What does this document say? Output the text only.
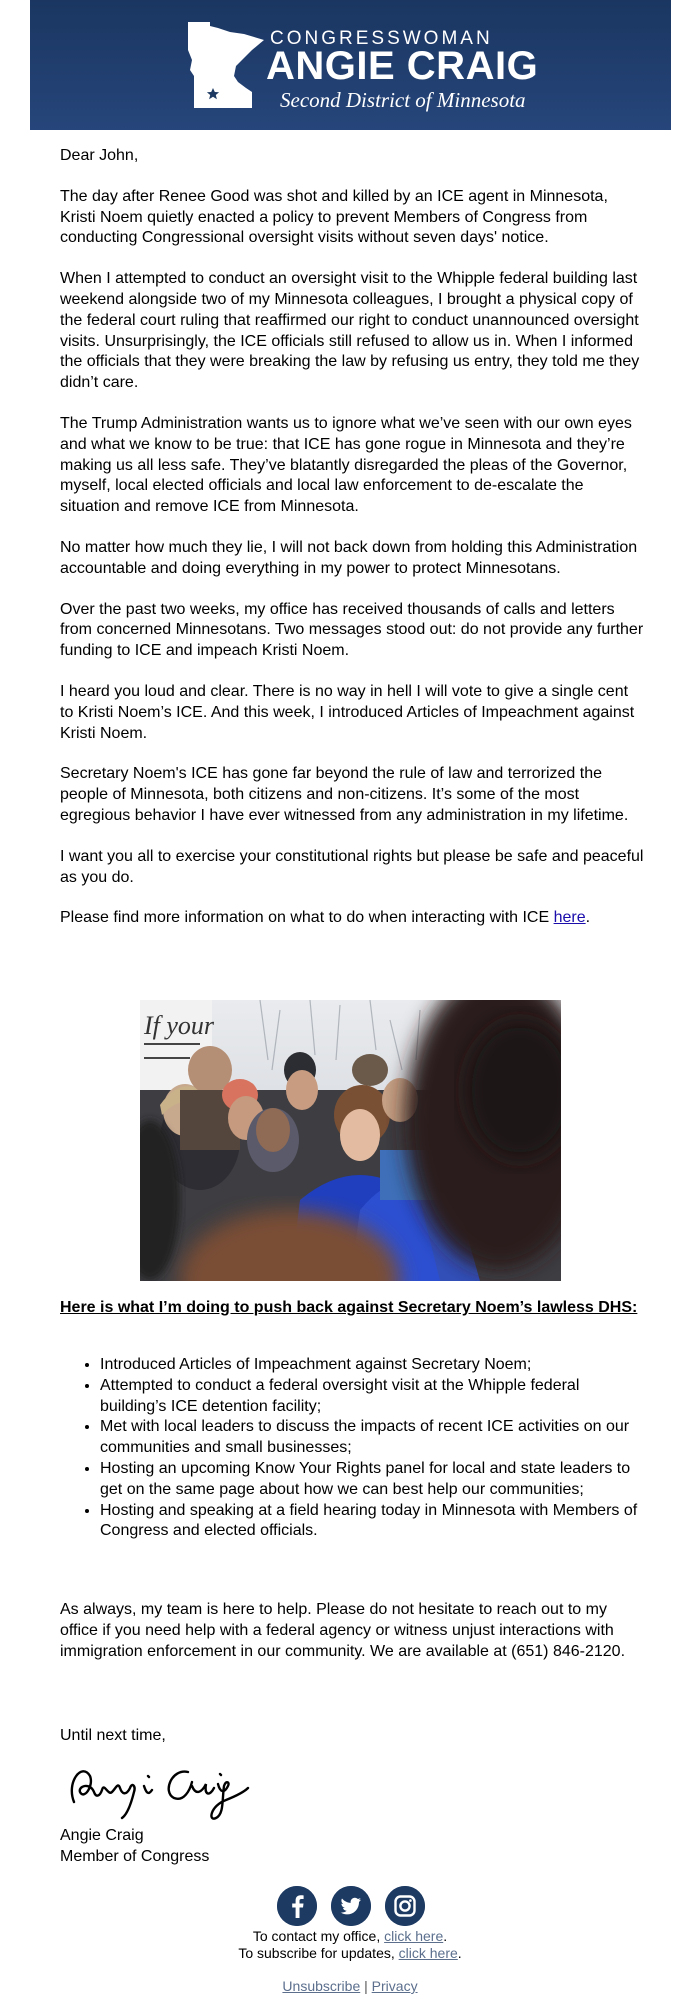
CONGRESSWOMAN
ANGIE CRAIG
Second District of Minnesota

Dear John,

The day after Renee Good was shot and killed by an ICE agent in Minnesota, Kristi Noem quietly enacted a policy to prevent Members of Congress from conducting Congressional oversight visits without seven days' notice.

When I attempted to conduct an oversight visit to the Whipple federal building last weekend alongside two of my Minnesota colleagues, I brought a physical copy of the federal court ruling that reaffirmed our right to conduct unannounced oversight visits. Unsurprisingly, the ICE officials still refused to allow us in. When I informed the officials that they were breaking the law by refusing us entry, they told me they didn’t care.

The Trump Administration wants us to ignore what we’ve seen with our own eyes and what we know to be true: that ICE has gone rogue in Minnesota and they’re making us all less safe. They’ve blatantly disregarded the pleas of the Governor, myself, local elected officials and local law enforcement to de-escalate the situation and remove ICE from Minnesota.

No matter how much they lie, I will not back down from holding this Administration accountable and doing everything in my power to protect Minnesotans.

Over the past two weeks, my office has received thousands of calls and letters from concerned Minnesotans. Two messages stood out: do not provide any further funding to ICE and impeach Kristi Noem.

I heard you loud and clear. There is no way in hell I will vote to give a single cent to Kristi Noem’s ICE. And this week, I introduced Articles of Impeachment against Kristi Noem.

Secretary Noem's ICE has gone far beyond the rule of law and terrorized the people of Minnesota, both citizens and non-citizens. It’s some of the most egregious behavior I have ever witnessed from any administration in my lifetime.

I want you all to exercise your constitutional rights but please be safe and peaceful as you do.

Please find more information on what to do when interacting with ICE here.

If your
Here is what I’m doing to push back against Secretary Noem’s lawless DHS:
• Introduced Articles of Impeachment against Secretary Noem;
• Attempted to conduct a federal oversight visit at the Whipple federal building’s ICE detention facility;
• Met with local leaders to discuss the impacts of recent ICE activities on our communities and small businesses;
• Hosting an upcoming Know Your Rights panel for local and state leaders to get on the same page about how we can best help our communities;
• Hosting and speaking at a field hearing today in Minnesota with Members of Congress and elected officials.
As always, my team is here to help. Please do not hesitate to reach out to my office if you need help with a federal agency or witness unjust interactions with immigration enforcement in our community. We are available at (651) 846-2120.
Until next time,
Angie Craig
Member of Congress
To contact my office, click here.
To subscribe for updates, click here.
Unsubscribe | Privacy
